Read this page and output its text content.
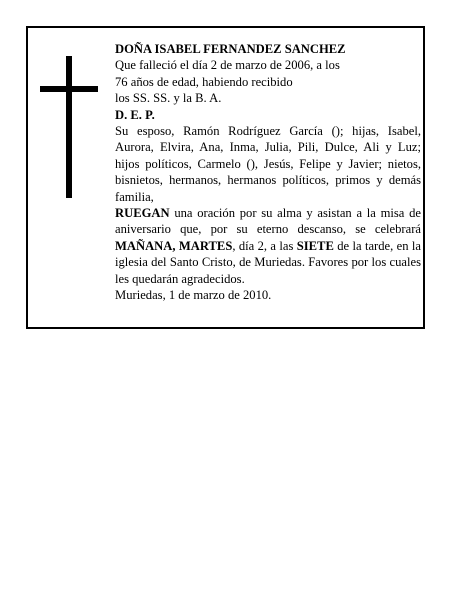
DOÑA ISABEL FERNANDEZ SANCHEZ

Que falleció el día 2 de marzo de 2006, a los

76 años de edad, habiendo recibido

los SS. SS. y la B. A.

D. E. P.

Su esposo, Ramón Rodríguez García (); hijas, Isabel, Aurora, Elvira, Ana, Inma, Julia, Pili, Dulce, Ali y Luz; hijos políticos, Carmelo (), Jesús, Felipe y Javier; nietos, bisnietos, hermanos, hermanos políticos, primos y demás familia,

RUEGAN una oración por su alma y asistan a la misa de aniversario que, por su eterno descanso, se celebrará MAÑANA, MARTES, día 2, a las SIETE de la tarde, en la iglesia del Santo Cristo, de Muriedas. Favores por los cuales les quedarán agradecidos.

Muriedas, 1 de marzo de 2010.
